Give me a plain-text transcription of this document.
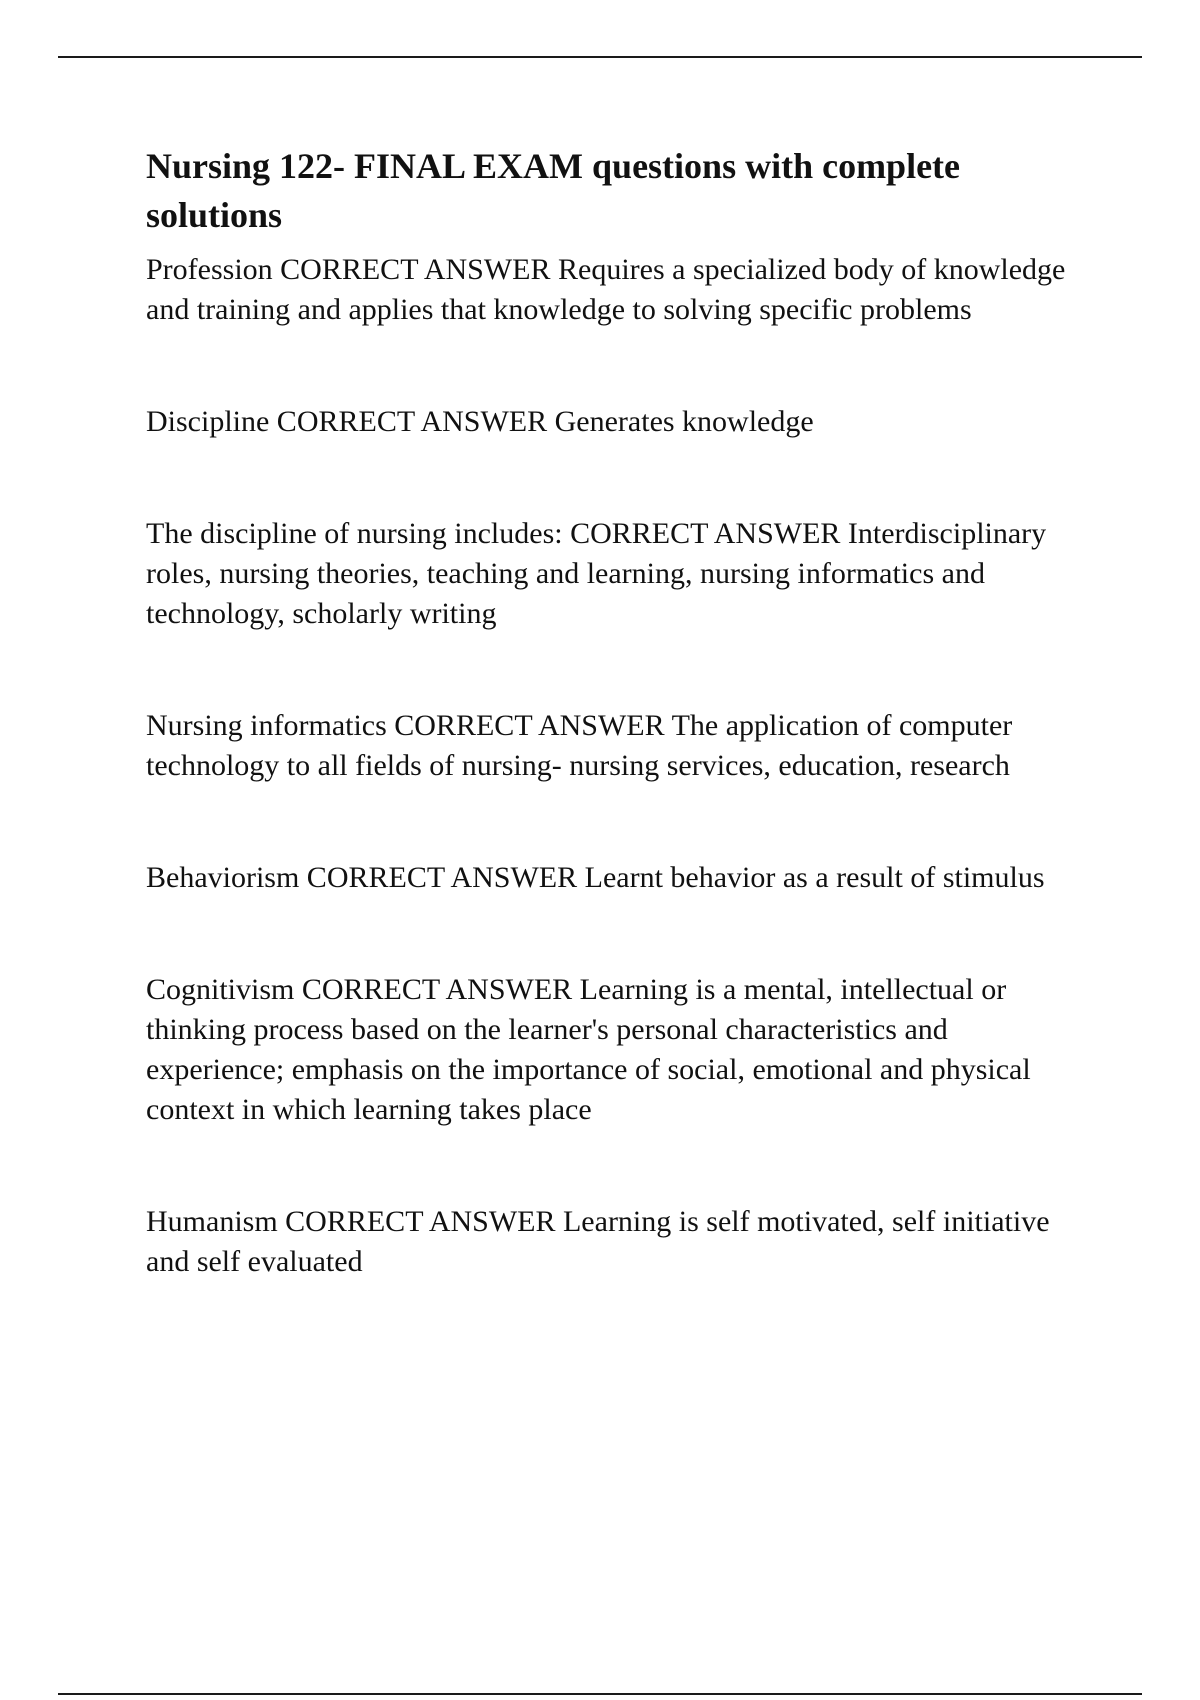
Nursing 122- FINAL EXAM questions with complete solutions

Profession CORRECT ANSWER Requires a specialized body of knowledge and training and applies that knowledge to solving specific problems

Discipline CORRECT ANSWER Generates knowledge

The discipline of nursing includes: CORRECT ANSWER Interdisciplinary roles, nursing theories, teaching and learning, nursing informatics and technology, scholarly writing

Nursing informatics CORRECT ANSWER The application of computer technology to all fields of nursing- nursing services, education, research

Behaviorism CORRECT ANSWER Learnt behavior as a result of stimulus

Cognitivism CORRECT ANSWER Learning is a mental, intellectual or thinking process based on the learner's personal characteristics and experience; emphasis on the importance of social, emotional and physical context in which learning takes place

Humanism CORRECT ANSWER Learning is self motivated, self initiative and self evaluated
